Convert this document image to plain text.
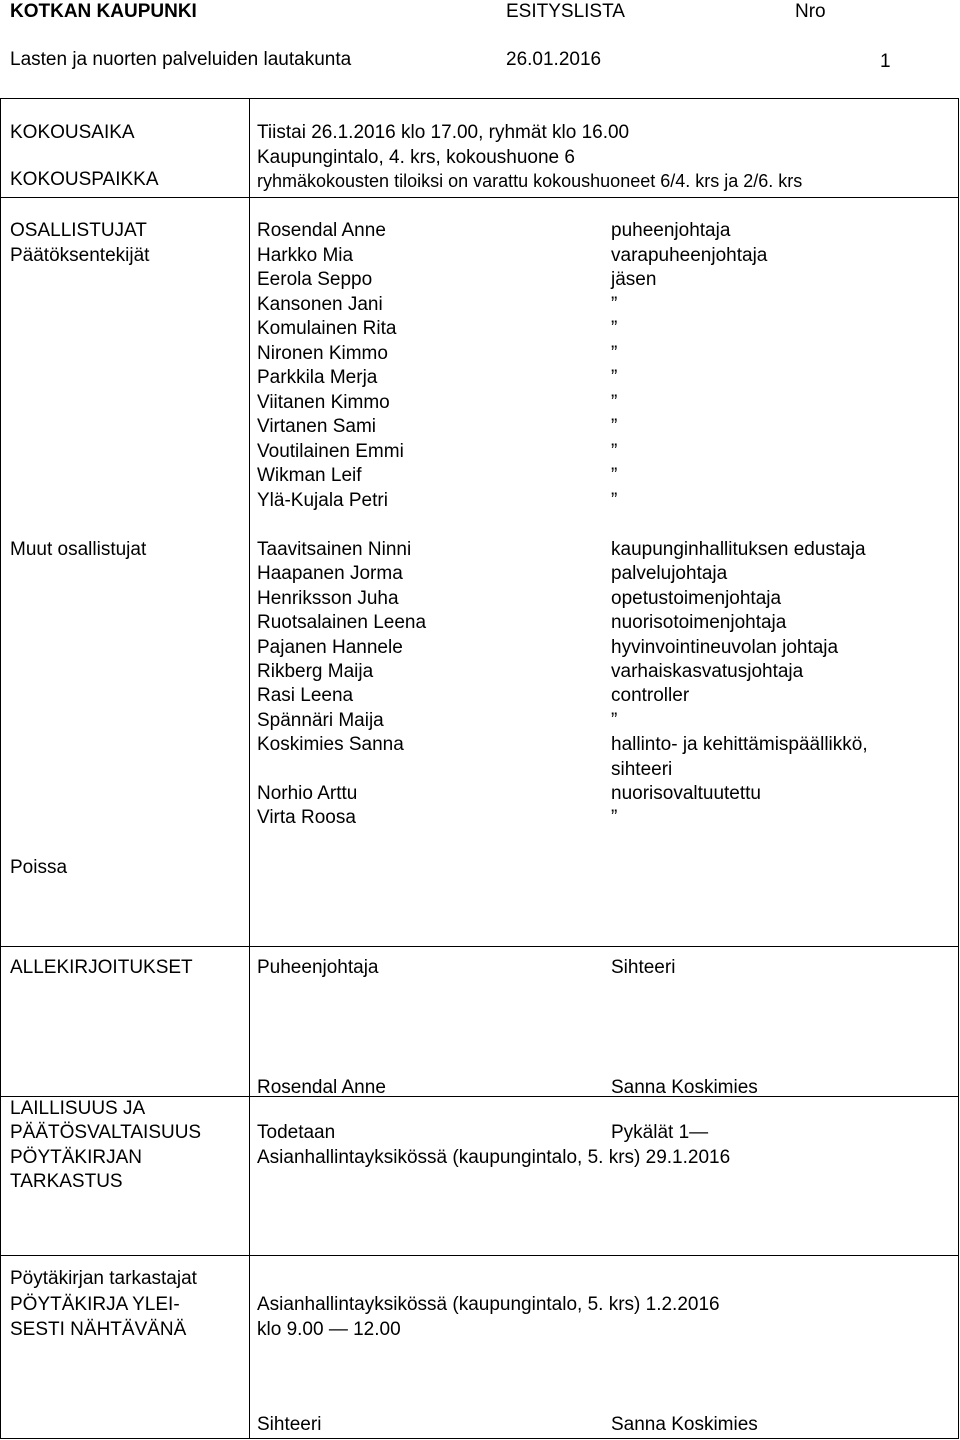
KOTKAN KAUPUNKI	ESITYSLISTA	Nro
Lasten ja nuorten palveluiden lautakunta	26.01.2016	1
KOKOUSAIKA	Tiistai 26.1.2016 klo 17.00, ryhmät klo 16.00
Kaupungintalo, 4. krs, kokoushuone 6
KOKOUSPAIKKA	ryhmäkokousten tiloiksi on varattu kokoushuoneet 6/4. krs ja 2/6. krs
OSALLISTUJAT
Päätöksentekijät
Rosendal Anne	puheenjohtaja
Harkko Mia	varapuheenjohtaja
Eerola Seppo	jäsen
Kansonen Jani	”
Komulainen Rita	”
Nironen Kimmo	”
Parkkila Merja	”
Viitanen Kimmo	”
Virtanen Sami	”
Voutilainen Emmi	”
Wikman Leif	”
Ylä-Kujala Petri	”
Muut osallistujat	Taavitsainen Ninni	kaupunginhallituksen edustaja
Haapanen Jorma	palvelujohtaja
Henriksson Juha	opetustoimenjohtaja
Ruotsalainen Leena	nuorisotoimenjohtaja
Pajanen Hannele	hyvinvointineuvolan johtaja
Rikberg Maija	varhaiskasvatusjohtaja
Rasi Leena	controller
Spännäri Maija	”
Koskimies Sanna	hallinto- ja kehittämispäällikkö,
sihteeri
Norhio Arttu	nuorisovaltuutettu
Virta Roosa	”
Poissa
ALLEKIRJOITUKSET	Puheenjohtaja	Sihteeri
Rosendal Anne	Sanna Koskimies
LAILLISUUS JA
PÄÄTÖSVALTAISUUS	Todetaan	Pykälät 1—
PÖYTÄKIRJAN
TARKASTUS
Asianhallintayksikössä (kaupungintalo, 5. krs) 29.1.2016
Pöytäkirjan tarkastajat
PÖYTÄKIRJA YLEI-
SESTI NÄHTÄVÄNÄ
Asianhallintayksikössä (kaupungintalo, 5. krs) 1.2.2016
klo 9.00 — 12.00
Sihteeri	Sanna Koskimies
